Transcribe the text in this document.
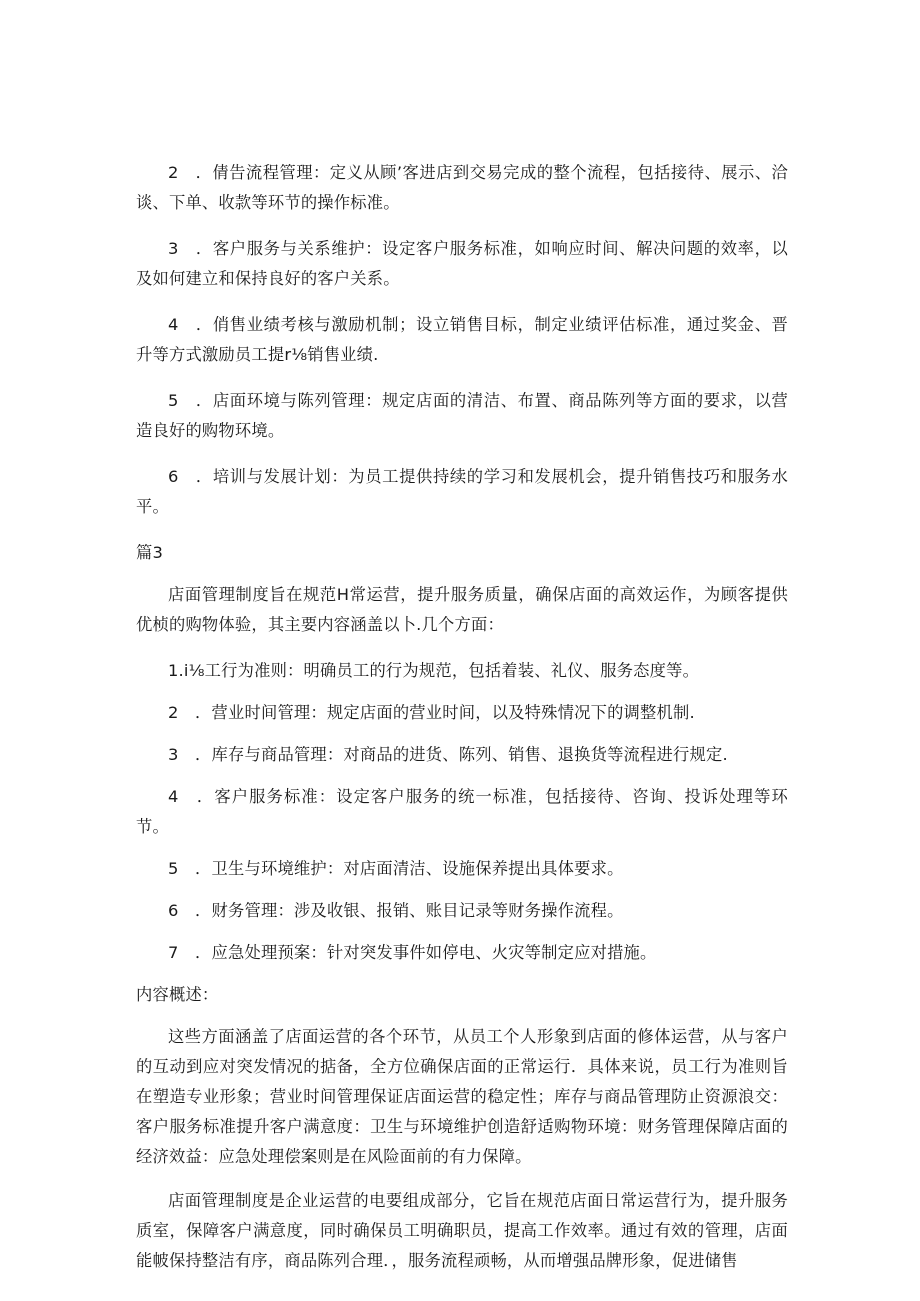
2　．倩告流程管理：定义从顾’客进店到交易完成的整个流程，包括接待、展示、洽谈、下单、收款等环节的操作标准。

3　．客户服务与关系维护：设定客户服务标准，如响应时间、解决问题的效率，以及如何建立和保持良好的客户关系。

4　．俏售业绩考核与激励机制；设立销售目标，制定业绩评估标准，通过奖金、晋升等方式激励员工提r⅛销售业绩.

5　．店面环境与陈列管理：规定店面的清洁、布置、商品陈列等方面的要求，以营造良好的购物环境。

6　．培训与发展计划：为员工提供持续的学习和发展机会，提升销售技巧和服务水平。

篇3

店面管理制度旨在规范H常运营，提升服务质量，确保店面的高效运作，为顾客提供优桢的购物体验，其主要内容涵盖以卜.几个方面：

1.i⅛工行为准则：明确员工的行为规范，包括着装、礼仪、服务态度等。

2　．营业时间管理：规定店面的营业时间，以及特殊情况下的调整机制.

3　．库存与商品管理：对商品的进货、陈列、销售、退换货等流程进行规定.

4　．客户服务标准：设定客户服务的统一标准，包括接待、咨询、投诉处理等环节。

5　．卫生与环境维护：对店面清洁、设施保养提出具体要求。

6　．财务管理：涉及收银、报销、账目记录等财务操作流程。

7　．应急处理预案：针对突发事件如停电、火灾等制定应对措施。

内容概述：

这些方面涵盖了店面运营的各个环节，从员工个人形象到店面的修体运营，从与客户的互动到应对突发情况的掂备，全方位确保店面的正常运行．具体来说，员工行为准则旨在塑造专业形象；营业时间管理保证店面运营的稳定性；库存与商品管理防止资源浪交：客户服务标准提升客户满意度：卫生与环境维护创造舒适购物环境：财务管理保障店面的经济效益：应急处理偿案则是在风险面前的有力保障。

店面管理制度是企业运营的电要组成部分，它旨在规范店面日常运营行为，提升服务质室，保障客户满意度，同时确保员工明确职员，提高工作效率。通过有效的管理，店面能帔保持整洁有序，商品陈列合理．，服务流程顽畅，从而增强品牌形象，促进储售
